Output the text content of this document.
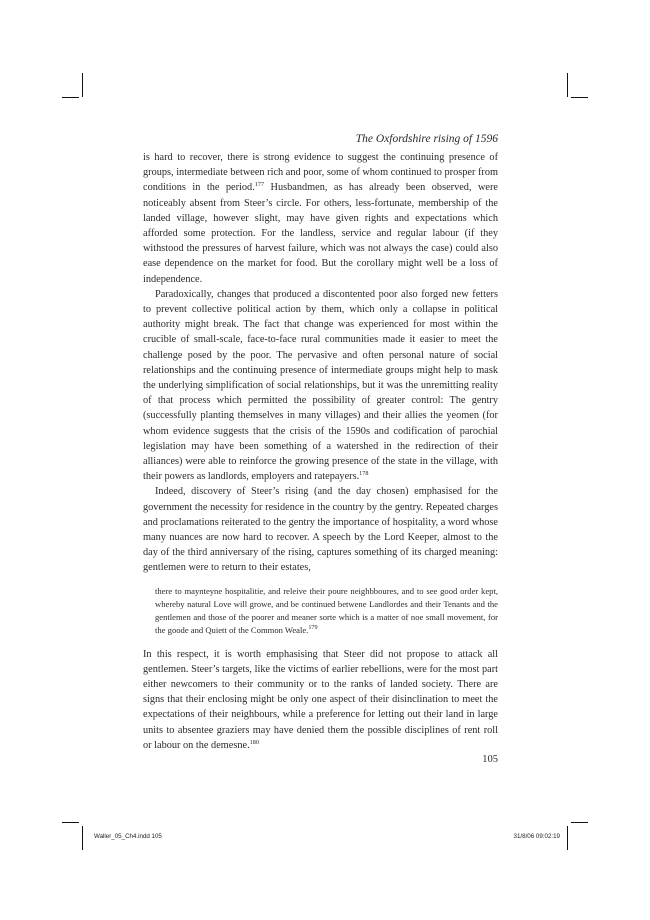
The Oxfordshire rising of 1596

is hard to recover, there is strong evidence to suggest the continuing presence of groups, intermediate between rich and poor, some of whom continued to prosper from conditions in the period.$^{177}$ Husbandmen, as has already been observed, were noticeably absent from Steer’s circle. For others, less-fortunate, membership of the landed village, however slight, may have given rights and expectations which afforded some protection. For the landless, service and regular labour (if they withstood the pressures of harvest failure, which was not always the case) could also ease dependence on the market for food. But the corollary might well be a loss of independence.

Paradoxically, changes that produced a discontented poor also forged new fetters to prevent collective political action by them, which only a collapse in political authority might break. The fact that change was experienced for most within the crucible of small-scale, face-to-face rural communities made it easier to meet the challenge posed by the poor. The pervasive and often personal nature of social relationships and the continuing presence of intermediate groups might help to mask the underlying simplification of social relationships, but it was the unremitting reality of that process which permitted the possibility of greater control: The gentry (successfully planting themselves in many villages) and their allies the yeomen (for whom evidence suggests that the crisis of the 1590s and codification of parochial legislation may have been something of a watershed in the redirection of their alliances) were able to reinforce the growing presence of the state in the village, with their powers as landlords, employers and ratepayers.$^{178}$

Indeed, discovery of Steer’s rising (and the day chosen) emphasised for the government the necessity for residence in the country by the gentry. Repeated charges and proclamations reiterated to the gentry the importance of hospitality, a word whose many nuances are now hard to recover. A speech by the Lord Keeper, almost to the day of the third anniversary of the rising, captures something of its charged meaning: gentlemen were to return to their estates,

there to maynteyne hospitalitie, and releive their poure neighbboures, and to see good order kept, whereby natural Love will growe, and be continued betwene Landlordes and their Tenants and the gentlemen and those of the poorer and meaner sorte which is a matter of noe small movement, for the goode and Quiett of the Common Weale.$^{179}$

In this respect, it is worth emphasising that Steer did not propose to attack all gentlemen. Steer’s targets, like the victims of earlier rebellions, were for the most part either newcomers to their community or to the ranks of landed society. There are signs that their enclosing might be only one aspect of their disinclination to meet the expectations of their neighbours, while a preference for letting out their land in large units to absentee graziers may have denied them the possible disciplines of rent roll or labour on the demesne.$^{180}$

105
Waller_05_Ch4.indd 105	31/8/06 09:02:19
